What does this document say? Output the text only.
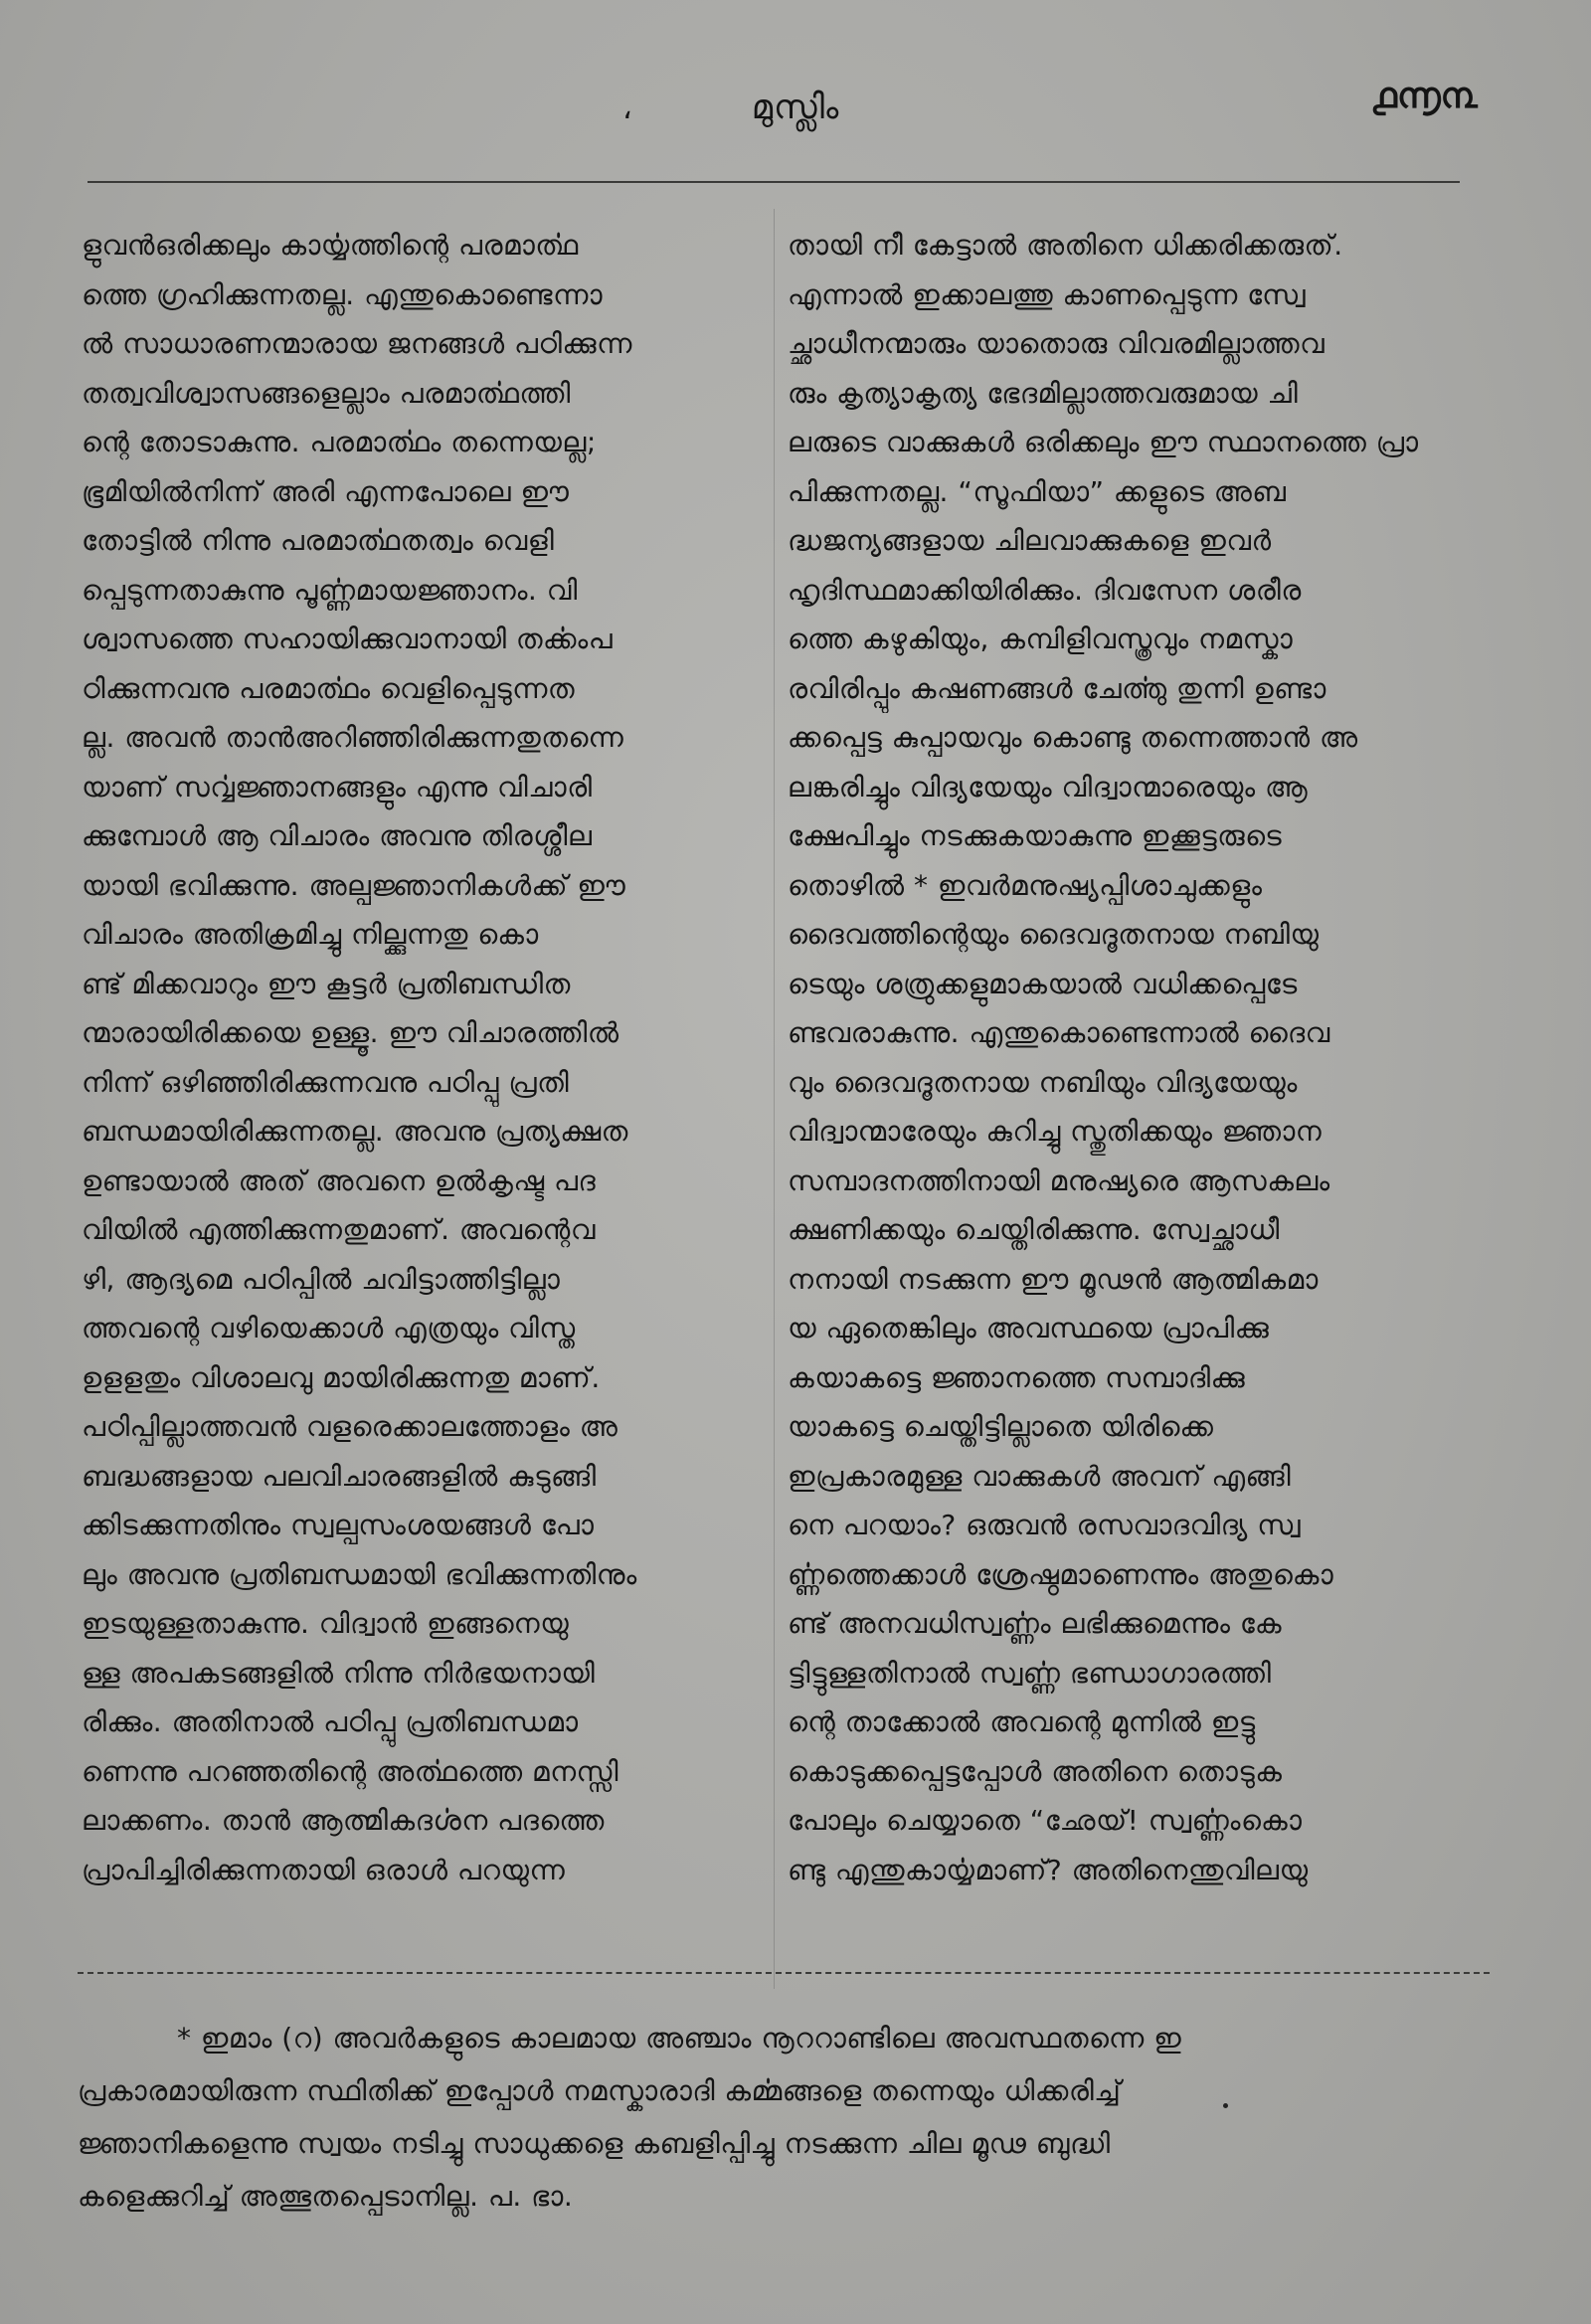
،	മുസ്ലിം	൧൬൩
ളുവൻഒരിക്കലും കാൎയ്യത്തിന്റെ പരമാൎത്ഥ
ത്തെ ഗ്രഹിക്കുന്നതല്ല. എന്തുകൊണ്ടെന്നാ
ൽ സാധാരണന്മാരായ ജനങ്ങൾ പഠിക്കുന്ന
തത്വവിശ്വാസങ്ങളെല്ലാം പരമാൎത്ഥത്തി
ന്റെ തോടാകുന്നു. പരമാൎത്ഥം തന്നെയല്ല;
ഭൂമിയിൽനിന്ന് അരി എന്നപോലെ ഈ
തോട്ടിൽ നിന്നു പരമാൎത്ഥതത്വം വെളി
പ്പെടുന്നതാകുന്നു പൂൎണ്ണമായജ്ഞാനം. വി
ശ്വാസത്തെ സഹായിക്കുവാനായി തൎക്കംപ
ഠിക്കുന്നവനു പരമാൎത്ഥം വെളിപ്പെടുന്നത
ല്ല. അവൻ താൻഅറിഞ്ഞിരിക്കുന്നതുതന്നെ
യാണ് സൎവ്വജ്ഞാനങ്ങളും എന്നു വിചാരി
ക്കുമ്പോൾ ആ വിചാരം അവനു തിരശ്ശീല
യായി ഭവിക്കുന്നു. അല്പജ്ഞാനികൾക്ക് ഈ
വിചാരം അതിക്രമിച്ചു നില്ക്കുന്നതു കൊ
ണ്ട് മിക്കവാറും ഈ കൂട്ടർ പ്രതിബന്ധിത
ന്മാരായിരിക്കയെ ഉള്ളൂ. ഈ വിചാരത്തിൽ
നിന്ന് ഒഴിഞ്ഞിരിക്കുന്നവനു പഠിപ്പു പ്രതി
ബന്ധമായിരിക്കുന്നതല്ല. അവനു പ്രത്യക്ഷത
ഉണ്ടായാൽ അത് അവനെ ഉൽകൃഷ്ട പദ
വിയിൽ എത്തിക്കുന്നതുമാണ്. അവന്റെവ
ഴി, ആദ്യമെ പഠിപ്പിൽ ചവിട്ടാത്തിട്ടില്ലാ
ത്തവന്റെ വഴിയെക്കാൾ എത്രയും വിസ്ത
ഉളളതും വിശാലവു മായിരിക്കുന്നതു മാണ്.
പഠിപ്പില്ലാത്തവൻ വളരെക്കാലത്തോളം അ
ബദ്ധങ്ങളായ പലവിചാരങ്ങളിൽ കുടുങ്ങി
ക്കിടക്കുന്നതിനും സ്വല്പസംശയങ്ങൾ പോ
ലും അവനു പ്രതിബന്ധമായി ഭവിക്കുന്നതിനും
ഇടയുള്ളതാകുന്നു. വിദ്വാൻ ഇങ്ങനെയു
ള്ള അപകടങ്ങളിൽ നിന്നു നിർഭയനായി
രിക്കും. അതിനാൽ പഠിപ്പു പ്രതിബന്ധമാ
ണെന്നു പറഞ്ഞതിന്റെ അൎത്ഥത്തെ മനസ്സി
ലാക്കണം. താൻ ആത്മികദൎശന പദത്തെ
പ്രാപിച്ചിരിക്കുന്നതായി ഒരാൾ പറയുന്ന
തായി നീ കേട്ടാൽ അതിനെ ധിക്കരിക്കരുത്.
എന്നാൽ ഇക്കാലത്തു കാണപ്പെടുന്ന സ്വേ
ച്ഛാധീനന്മാരും യാതൊരു വിവരമില്ലാത്തവ
രും കൃത്യാകൃത്യ ഭേദമില്ലാത്തവരുമായ ചി
ലരുടെ വാക്കുകൾ ഒരിക്കലും ഈ സ്ഥാനത്തെ പ്രാ
പിക്കുന്നതല്ല. “സൂഫിയാ” ക്കളുടെ അബ
ദ്ധജന്യങ്ങളായ ചിലവാക്കുകളെ ഇവർ
ഹൃദിസ്ഥമാക്കിയിരിക്കും. ദിവസേന ശരീര
ത്തെ കഴുകിയും, കമ്പിളിവസ്ത്രവും നമസ്കാ
രവിരിപ്പും കഷണങ്ങൾ ചേൎത്തു തുന്നി ഉണ്ടാ
ക്കപ്പെട്ട കുപ്പായവും കൊണ്ടു തന്നെത്താൻ അ
ലങ്കരിച്ചും വിദ്യയേയും വിദ്വാന്മാരെയും ആ
ക്ഷേപിച്ചും നടക്കുകയാകുന്നു ഇക്കൂട്ടരുടെ
തൊഴിൽ * ഇവർമനുഷ്യപ്പിശാചുക്കളും
ദൈവത്തിന്റെയും ദൈവദൂതനായ നബിയു
ടെയും ശത്രുക്കളുമാകയാൽ വധിക്കപ്പെടേ
ണ്ടവരാകുന്നു. എന്തുകൊണ്ടെന്നാൽ ദൈവ
വും ദൈവദൂതനായ നബിയും വിദ്യയേയും
വിദ്വാന്മാരേയും കുറിച്ചു സ്തുതിക്കയും ജ്ഞാന
സമ്പാദനത്തിനായി മനുഷ്യരെ ആസകലം
ക്ഷണിക്കയും ചെയ്തിരിക്കുന്നു. സ്വേച്ഛാധീ
നനായി നടക്കുന്ന ഈ മൂഢൻ ആത്മികമാ
യ ഏതെങ്കിലും അവസ്ഥയെ പ്രാപിക്കു
കയാകട്ടെ ജ്ഞാനത്തെ സമ്പാദിക്കു
യാകട്ടെ ചെയ്തിട്ടില്ലാതെ യിരിക്കെ
ഇപ്രകാരമുള്ള വാക്കുകൾ അവന് എങ്ങി
നെ പറയാം? ഒരുവൻ രസവാദവിദ്യ സ്വ
ൎണ്ണത്തെക്കാൾ ശ്രേഷ്ഠമാണെന്നും അതുകൊ
ണ്ട് അനവധിസ്വൎണ്ണം ലഭിക്കുമെന്നും കേ
ട്ടിട്ടുള്ളതിനാൽ സ്വൎണ്ണ ഭണ്ഡാഗാരത്തി
ന്റെ താക്കോൽ അവന്റെ മുന്നിൽ ഇട്ടു
കൊടുക്കപ്പെട്ടപ്പോൾ അതിനെ തൊടുക
പോലും ചെയ്യാതെ “ഛേയ്! സ്വൎണ്ണംകൊ
ണ്ടു എന്തുകാൎയ്യമാണ്? അതിനെന്തുവിലയു
* ഇമാം (റ) അവർകളുടെ കാലമായ അഞ്ചാം നൂററാണ്ടിലെ അവസ്ഥതന്നെ ഇ
പ്രകാരമായിരുന്ന സ്ഥിതിക്ക് ഇപ്പോൾ നമസ്കാരാദി കൎമ്മങ്ങളെ തന്നെയും ധിക്കരിച്ച്
ജ്ഞാനികളെന്നു സ്വയം നടിച്ചു സാധുക്കളെ കബളിപ്പിച്ചു നടക്കുന്ന ചില മൂഢ ബുദ്ധി
കളെക്കുറിച്ച് അത്ഭുതപ്പെടാനില്ല. പ. ഭാ.
